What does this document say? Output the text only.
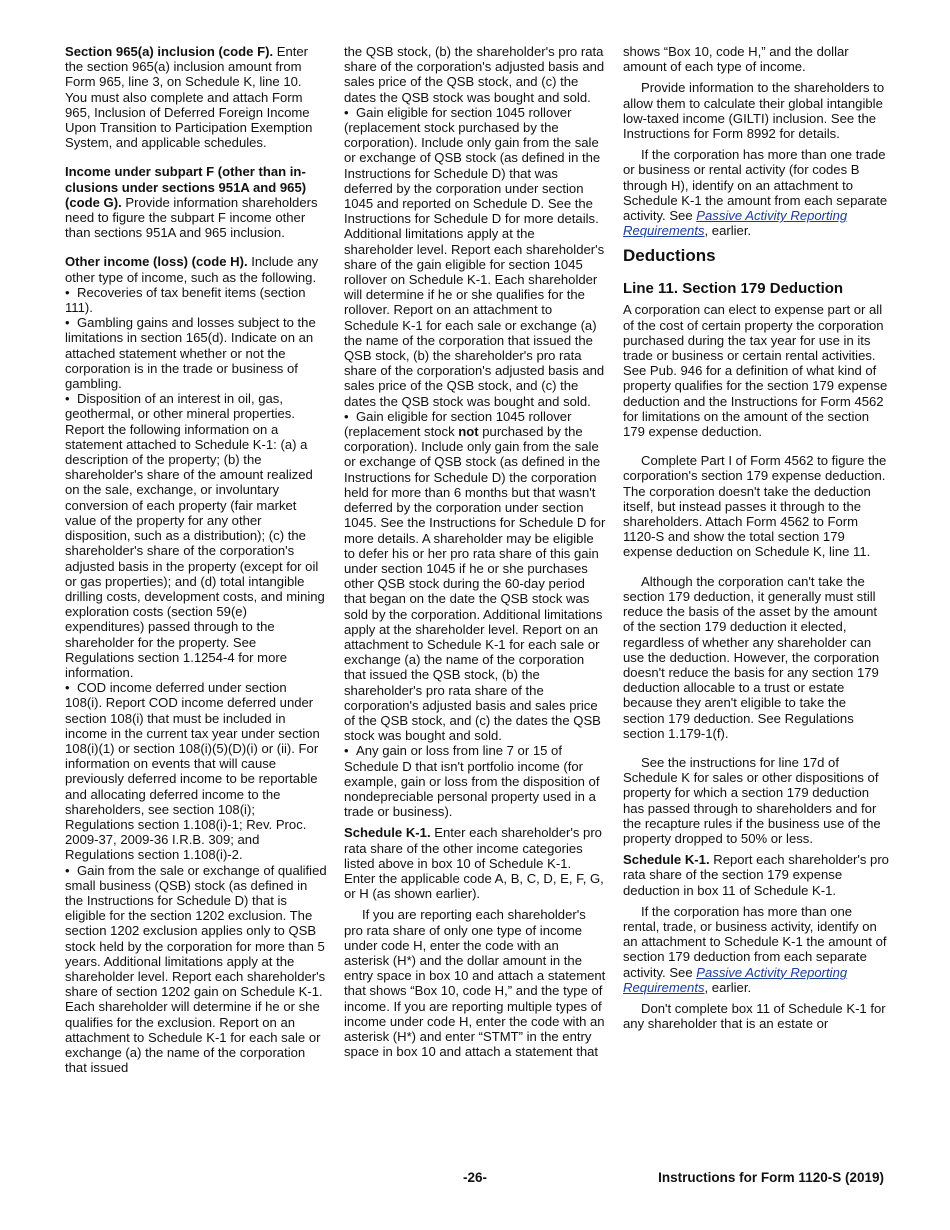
Section 965(a) inclusion (code F). Enter the section 965(a) inclusion amount from Form 965, line 3, on Schedule K, line 10. You must also complete and attach Form 965, Inclusion of Deferred Foreign Income Upon Transition to Participation Exemption System, and applicable schedules.

Income under subpart F (other than inclusions under sections 951A and 965) (code G). Provide information shareholders need to figure the subpart F income other than sections 951A and 965 inclusion.

Other income (loss) (code H). Include any other type of income, such as the following.

• Recoveries of tax benefit items (section 111).
• Gambling gains and losses subject to the limitations in section 165(d). Indicate on an attached statement whether or not the corporation is in the trade or business of gambling.
• Disposition of an interest in oil, gas, geothermal, or other mineral properties. Report the following information on a statement attached to Schedule K-1: (a) a description of the property; (b) the shareholder's share of the amount realized on the sale, exchange, or involuntary conversion of each property (fair market value of the property for any other disposition, such as a distribution); (c) the shareholder's share of the corporation's adjusted basis in the property (except for oil or gas properties); and (d) total intangible drilling costs, development costs, and mining exploration costs (section 59(e) expenditures) passed through to the shareholder for the property. See Regulations section 1.1254-4 for more information.
• COD income deferred under section 108(i). Report COD income deferred under section 108(i) that must be included in income in the current tax year under section 108(i)(1) or section 108(i)(5)(D)(i) or (ii). For information on events that will cause previously deferred income to be reportable and allocating deferred income to the shareholders, see section 108(i); Regulations section 1.108(i)-1; Rev. Proc. 2009-37, 2009-36 I.R.B. 309; and Regulations section 1.108(i)-2.
• Gain from the sale or exchange of qualified small business (QSB) stock (as defined in the Instructions for Schedule D) that is eligible for the section 1202 exclusion. The section 1202 exclusion applies only to QSB stock held by the corporation for more than 5 years. Additional limitations apply at the shareholder level. Report each shareholder's share of section 1202 gain on Schedule K-1. Each shareholder will determine if he or she qualifies for the exclusion. Report on an attachment to Schedule K-1 for each sale or exchange (a) the name of the corporation that issued
the QSB stock, (b) the shareholder's pro rata share of the corporation's adjusted basis and sales price of the QSB stock, and (c) the dates the QSB stock was bought and sold.
• Gain eligible for section 1045 rollover (replacement stock purchased by the corporation). Include only gain from the sale or exchange of QSB stock (as defined in the Instructions for Schedule D) that was deferred by the corporation under section 1045 and reported on Schedule D. See the Instructions for Schedule D for more details. Additional limitations apply at the shareholder level. Report each shareholder's share of the gain eligible for section 1045 rollover on Schedule K-1. Each shareholder will determine if he or she qualifies for the rollover. Report on an attachment to Schedule K-1 for each sale or exchange (a) the name of the corporation that issued the QSB stock, (b) the shareholder's pro rata share of the corporation's adjusted basis and sales price of the QSB stock, and (c) the dates the QSB stock was bought and sold.
• Gain eligible for section 1045 rollover (replacement stock not purchased by the corporation). Include only gain from the sale or exchange of QSB stock (as defined in the Instructions for Schedule D) the corporation held for more than 6 months but that wasn't deferred by the corporation under section 1045. See the Instructions for Schedule D for more details. A shareholder may be eligible to defer his or her pro rata share of this gain under section 1045 if he or she purchases other QSB stock during the 60-day period that began on the date the QSB stock was sold by the corporation. Additional limitations apply at the shareholder level. Report on an attachment to Schedule K-1 for each sale or exchange (a) the name of the corporation that issued the QSB stock, (b) the shareholder's pro rata share of the corporation's adjusted basis and sales price of the QSB stock, and (c) the dates the QSB stock was bought and sold.
• Any gain or loss from line 7 or 15 of Schedule D that isn't portfolio income (for example, gain or loss from the disposition of nondepreciable personal property used in a trade or business).

Schedule K-1. Enter each shareholder's pro rata share of the other income categories listed above in box 10 of Schedule K-1. Enter the applicable code A, B, C, D, E, F, G, or H (as shown earlier).

If you are reporting each shareholder's pro rata share of only one type of income under code H, enter the code with an asterisk (H*) and the dollar amount in the entry space in box 10 and attach a statement that shows “Box 10, code H,” and the type of income. If you are reporting multiple types of income under code H, enter the code with an asterisk (H*) and enter “STMT” in the entry space in box 10 and attach a statement that

shows “Box 10, code H,” and the dollar amount of each type of income.

Provide information to the shareholders to allow them to calculate their global intangible low-taxed income (GILTI) inclusion. See the Instructions for Form 8992 for details.

If the corporation has more than one trade or business or rental activity (for codes B through H), identify on an attachment to Schedule K-1 the amount from each separate activity. See Passive Activity Reporting Requirements, earlier.

Deductions
Line 11. Section 179 Deduction

A corporation can elect to expense part or all of the cost of certain property the corporation purchased during the tax year for use in its trade or business or certain rental activities. See Pub. 946 for a definition of what kind of property qualifies for the section 179 expense deduction and the Instructions for Form 4562 for limitations on the amount of the section 179 expense deduction.

Complete Part I of Form 4562 to figure the corporation's section 179 expense deduction. The corporation doesn't take the deduction itself, but instead passes it through to the shareholders. Attach Form 4562 to Form 1120-S and show the total section 179 expense deduction on Schedule K, line 11.

Although the corporation can't take the section 179 deduction, it generally must still reduce the basis of the asset by the amount of the section 179 deduction it elected, regardless of whether any shareholder can use the deduction. However, the corporation doesn't reduce the basis for any section 179 deduction allocable to a trust or estate because they aren't eligible to take the section 179 deduction. See Regulations section 1.179-1(f).

See the instructions for line 17d of Schedule K for sales or other dispositions of property for which a section 179 deduction has passed through to shareholders and for the recapture rules if the business use of the property dropped to 50% or less.

Schedule K-1. Report each shareholder's pro rata share of the section 179 expense deduction in box 11 of Schedule K-1.

If the corporation has more than one rental, trade, or business activity, identify on an attachment to Schedule K-1 the amount of section 179 deduction from each separate activity. See Passive Activity Reporting Requirements, earlier.

Don't complete box 11 of Schedule K-1 for any shareholder that is an estate or

-26-	Instructions for Form 1120-S (2019)
